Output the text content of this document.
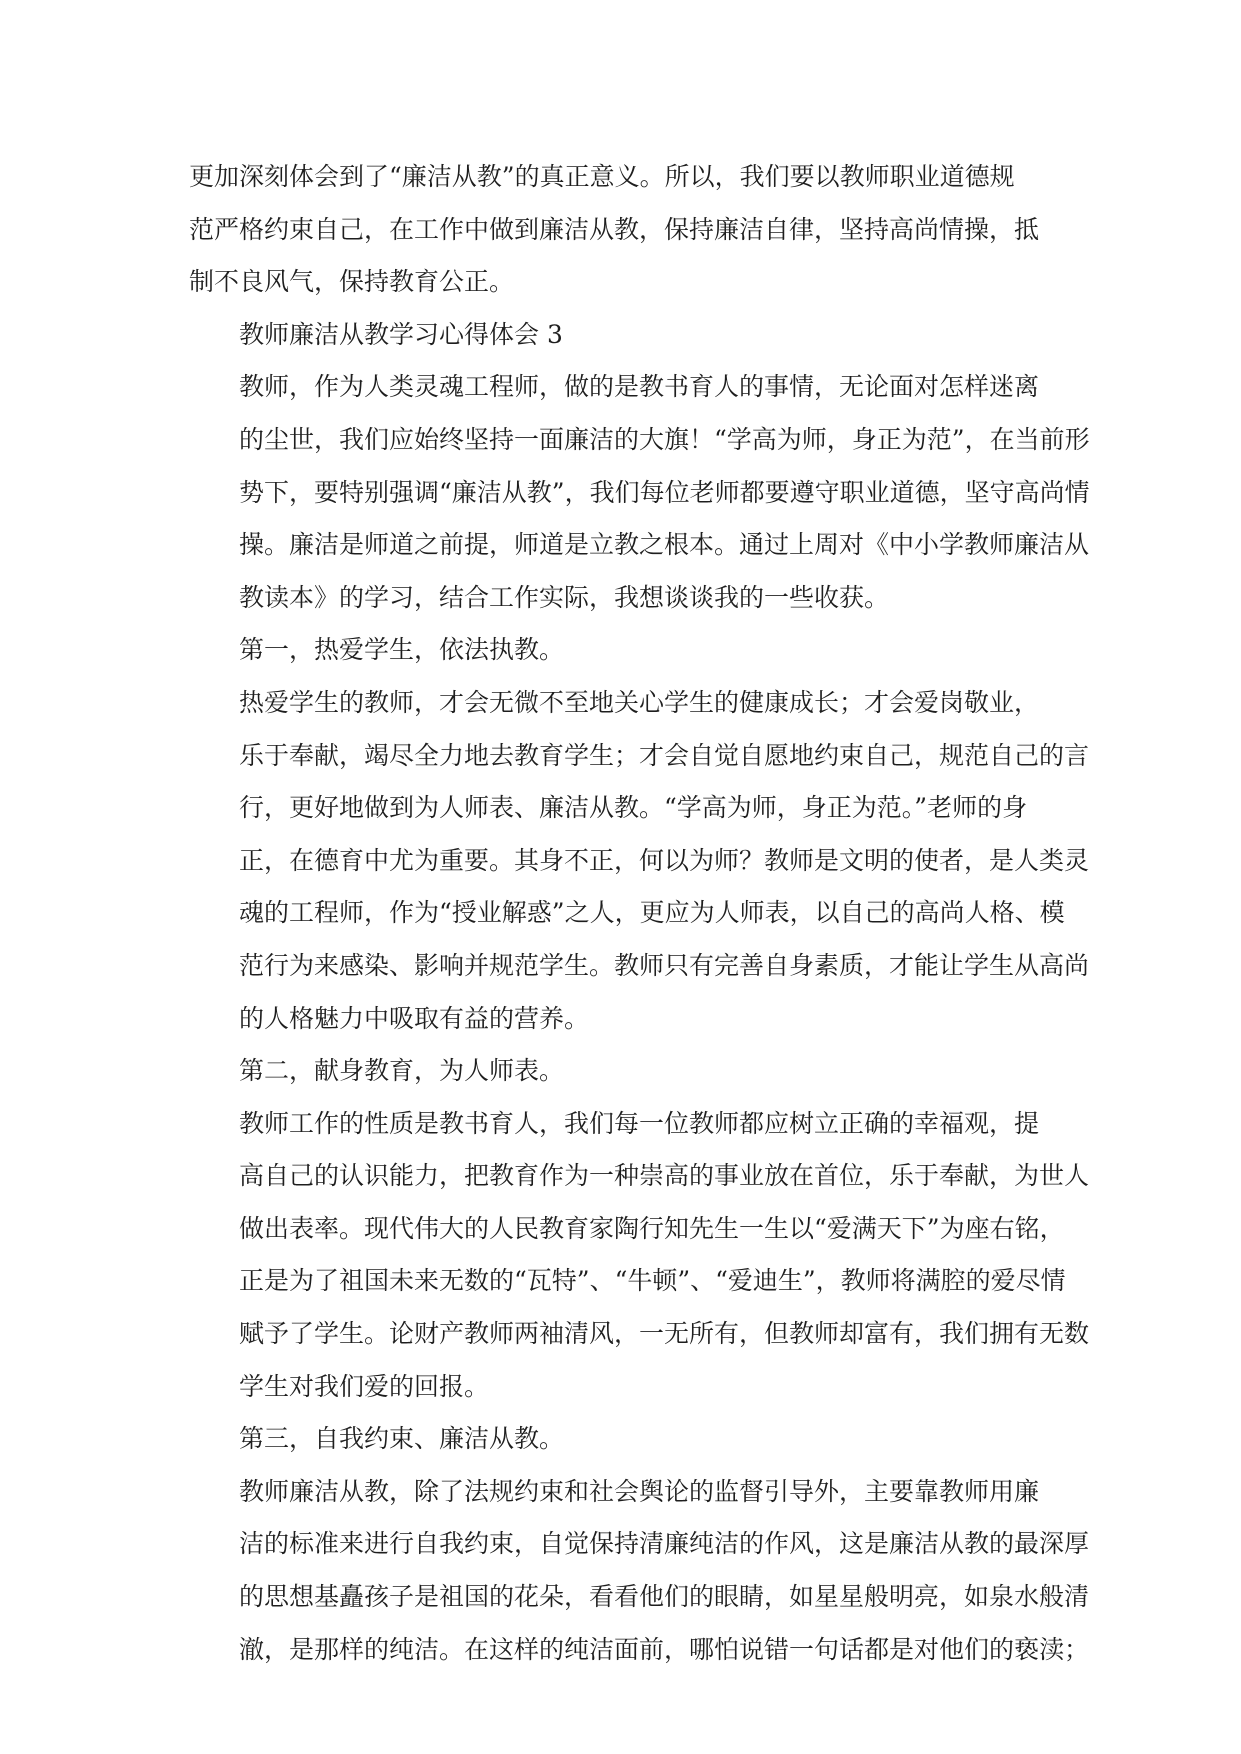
更加深刻体会到了“廉洁从教”的真正意义。所以，我们要以教师职业道德规
范严格约束自己，在工作中做到廉洁从教，保持廉洁自律，坚持高尚情操，抵
制不良风气，保持教育公正。

教师廉洁从教学习心得体会 3

教师，作为人类灵魂工程师，做的是教书育人的事情，无论面对怎样迷离
的尘世，我们应始终坚持一面廉洁的大旗！“学高为师，身正为范”，在当前形
势下，要特别强调“廉洁从教”，我们每位老师都要遵守职业道德，坚守高尚情
操。廉洁是师道之前提，师道是立教之根本。通过上周对《中小学教师廉洁从
教读本》的学习，结合工作实际，我想谈谈我的一些收获。

第一，热爱学生，依法执教。

热爱学生的教师，才会无微不至地关心学生的健康成长；才会爱岗敬业，
乐于奉献，竭尽全力地去教育学生；才会自觉自愿地约束自己，规范自己的言
行，更好地做到为人师表、廉洁从教。“学高为师，身正为范。”老师的身
正，在德育中尤为重要。其身不正，何以为师？教师是文明的使者，是人类灵
魂的工程师，作为“授业解惑”之人，更应为人师表，以自己的高尚人格、模
范行为来感染、影响并规范学生。教师只有完善自身素质，才能让学生从高尚
的人格魅力中吸取有益的营养。

第二，献身教育，为人师表。

教师工作的性质是教书育人，我们每一位教师都应树立正确的幸福观，提
高自己的认识能力，把教育作为一种崇高的事业放在首位，乐于奉献，为世人
做出表率。现代伟大的人民教育家陶行知先生一生以“爱满天下”为座右铭，
正是为了祖国未来无数的“瓦特”、“牛顿”、“爱迪生”，教师将满腔的爱尽情
赋予了学生。论财产教师两袖清风，一无所有，但教师却富有，我们拥有无数
学生对我们爱的回报。

第三，自我约束、廉洁从教。

教师廉洁从教，除了法规约束和社会舆论的监督引导外，主要靠教师用廉
洁的标准来进行自我约束，自觉保持清廉纯洁的作风，这是廉洁从教的最深厚
的思想基矗孩子是祖国的花朵，看看他们的眼睛，如星星般明亮，如泉水般清
澈，是那样的纯洁。在这样的纯洁面前，哪怕说错一句话都是对他们的亵渎；
